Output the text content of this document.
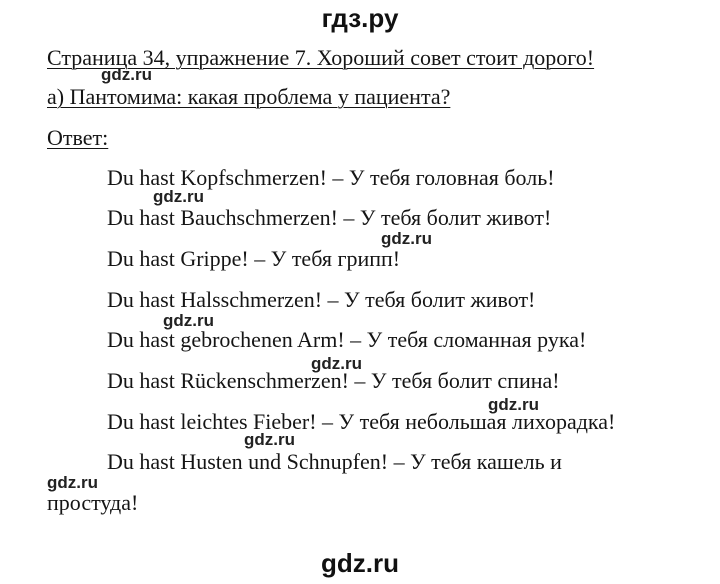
гдз.ру
Страница 34, упражнение 7. Хороший совет стоит дорого!
а) Пантомима: какая проблема у пациента?
Ответ:
Du hast Kopfschmerzen! – У тебя головная боль!
Du hast Bauchschmerzen! – У тебя болит живот!
Du hast Grippe! – У тебя грипп!
Du hast Halsschmerzen! – У тебя болит живот!
Du hast gebrochenen Arm! – У тебя сломанная рука!
Du hast Rückenschmerzen! – У тебя болит спина!
Du hast leichtes Fieber! – У тебя небольшая лихорадка!
Du hast Husten und Schnupfen! – У тебя кашель и
простуда!
gdz.ru
gdz.ru
gdz.ru
gdz.ru
gdz.ru
gdz.ru
gdz.ru
gdz.ru
gdz.ru
